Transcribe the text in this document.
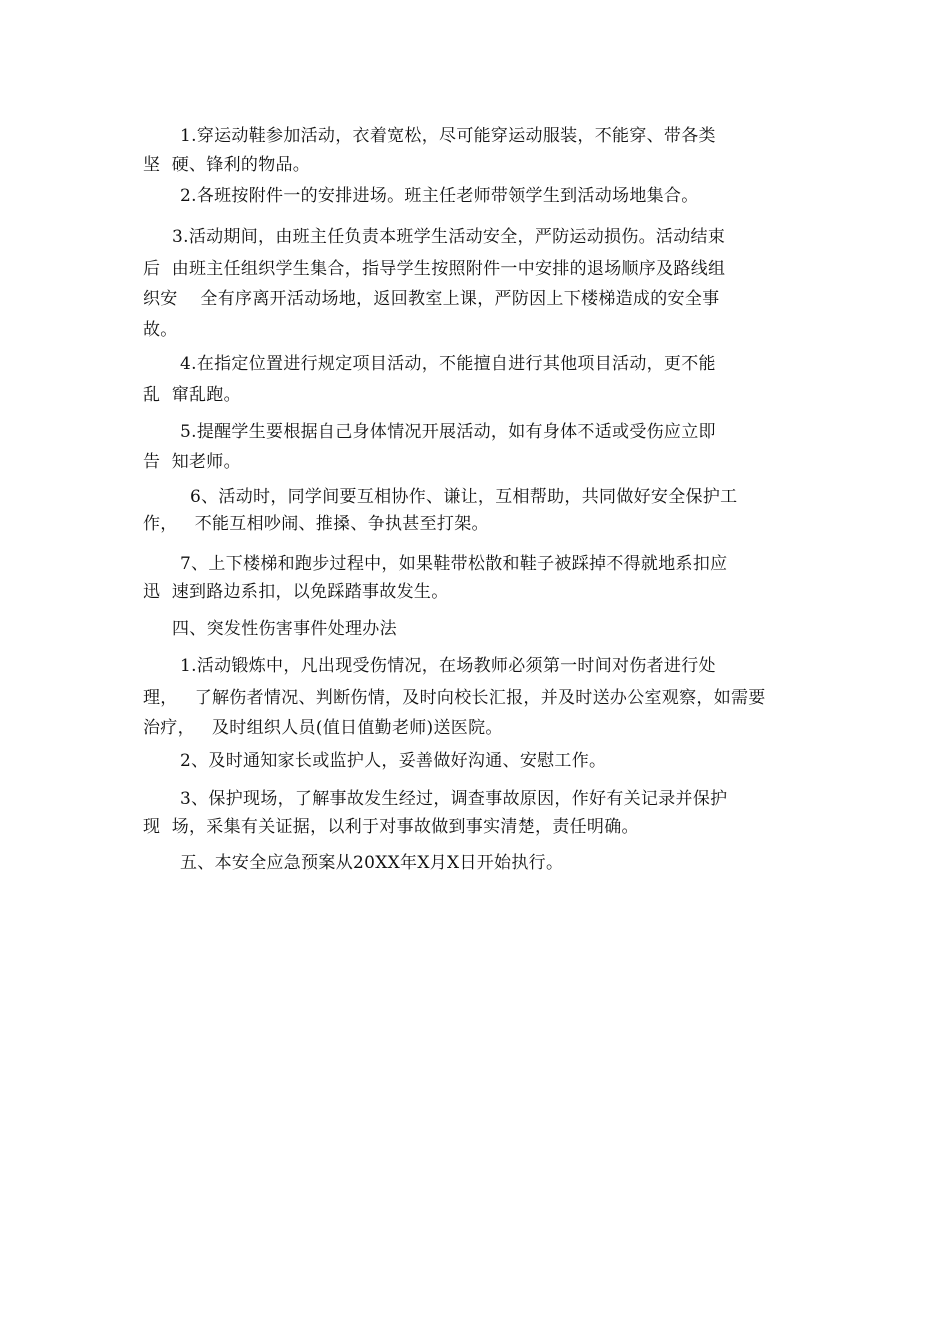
1.穿运动鞋参加活动，衣着宽松，尽可能穿运动服装，不能穿、带各类
坚  硬、锋利的物品。
2.各班按附件一的安排进场。班主任老师带领学生到活动场地集合。
3.活动期间，由班主任负责本班学生活动安全，严防运动损伤。活动结束
后  由班主任组织学生集合，指导学生按照附件一中安排的退场顺序及路线组
织安    全有序离开活动场地，返回教室上课，严防因上下楼梯造成的安全事
故。
4.在指定位置进行规定项目活动，不能擅自进行其他项目活动，更不能
乱  窜乱跑。
5.提醒学生要根据自己身体情况开展活动，如有身体不适或受伤应立即
告  知老师。
6、活动时，同学间要互相协作、谦让，互相帮助，共同做好安全保护工
作，   不能互相吵闹、推搡、争执甚至打架。
7、上下楼梯和跑步过程中，如果鞋带松散和鞋子被踩掉不得就地系扣应
迅  速到路边系扣，以免踩踏事故发生。
四、突发性伤害事件处理办法
1.活动锻炼中，凡出现受伤情况，在场教师必须第一时间对伤者进行处
理，   了解伤者情况、判断伤情，及时向校长汇报，并及时送办公室观察，如需要
治疗，   及时组织人员(值日值勤老师)送医院。
2、及时通知家长或监护人，妥善做好沟通、安慰工作。
3、保护现场，了解事故发生经过，调查事故原因，作好有关记录并保护
现  场，采集有关证据，以利于对事故做到事实清楚，责任明确。
五、本安全应急预案从20XX年X月X日开始执行。
